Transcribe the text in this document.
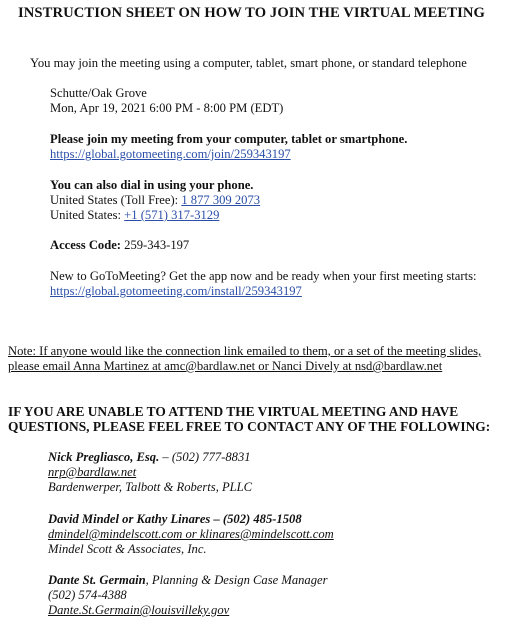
INSTRUCTION SHEET ON HOW TO JOIN THE VIRTUAL MEETING
You may join the meeting using a computer, tablet, smart phone, or standard telephone
Schutte/Oak Grove
Mon, Apr 19, 2021 6:00 PM - 8:00 PM (EDT)
Please join my meeting from your computer, tablet or smartphone.
https://global.gotomeeting.com/join/259343197
You can also dial in using your phone.
United States (Toll Free): 1 877 309 2073
United States: +1 (571) 317-3129
Access Code: 259-343-197
New to GoToMeeting? Get the app now and be ready when your first meeting starts:
https://global.gotomeeting.com/install/259343197
Note: If anyone would like the connection link emailed to them, or a set of the meeting slides,
please email Anna Martinez at amc@bardlaw.net or Nanci Dively at nsd@bardlaw.net
IF YOU ARE UNABLE TO ATTEND THE VIRTUAL MEETING AND HAVE
QUESTIONS, PLEASE FEEL FREE TO CONTACT ANY OF THE FOLLOWING:
Nick Pregliasco, Esq. – (502) 777-8831
nrp@bardlaw.net
Bardenwerper, Talbott & Roberts, PLLC
David Mindel or Kathy Linares – (502) 485-1508
dmindel@mindelscott.com or klinares@mindelscott.com
Mindel Scott & Associates, Inc.
Dante St. Germain, Planning & Design Case Manager
(502) 574-4388
Dante.St.Germain@louisvilleky.gov
